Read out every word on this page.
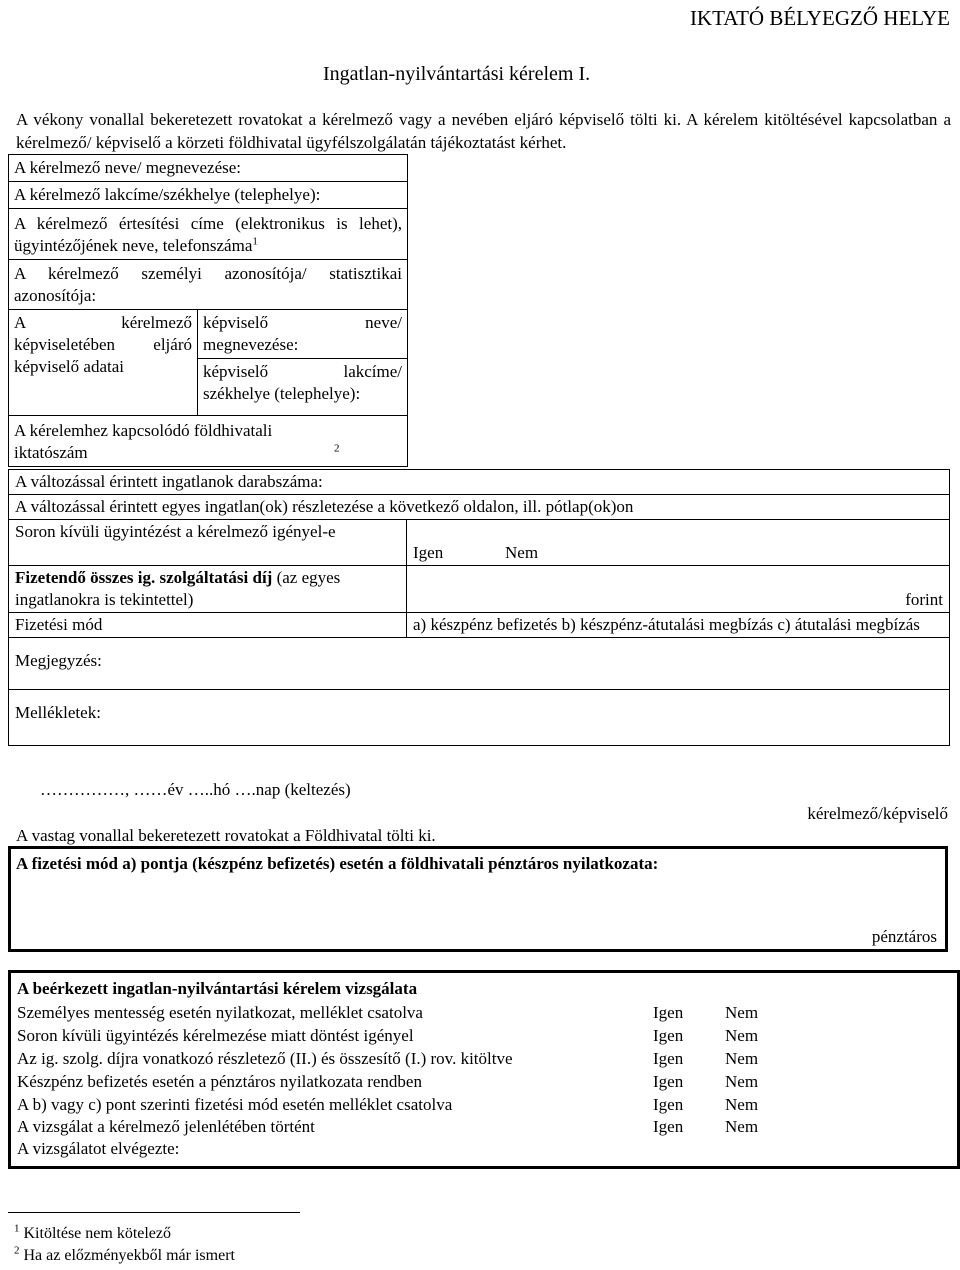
IKTATÓ BÉLYEGZŐ HELYE
Ingatlan-nyilvántartási kérelem I.
A vékony vonallal bekeretezett rovatokat a kérelmező vagy a nevében eljáró képviselő tölti ki. A kérelem kitöltésével kapcsolatban a kérelmező/ képviselő a körzeti földhivatal ügyfélszolgálatán tájékoztatást kérhet.
A kérelmező neve/ megnevezése:
A kérelmező lakcíme/székhelye (telephelye):
A kérelmező értesítési címe (elektronikus is lehet), ügyintézőjének neve, telefonszáma$^1$
A kérelmező személyi azonosítója/ statisztikai azonosítója:

A kérelmező képviseletében eljáró képviselő adatai	képviselő neve/ megnevezése:
képviselő lakcíme/ székhelye (telephelye):

A kérelemhez kapcsolódó földhivatali iktatószám	$^2$
A változással érintett ingatlanok darabszáma:	
A változással érintett egyes ingatlan(ok) részletezése a következő oldalon, ill. pótlap(ok)on	
Soron kívüli ügyintézést a kérelmező igényel-e	Igen Nem
Fizetendő összes ig. szolgáltatási díj (az egyes ingatlanokra is tekintettel)	forint
Fizetési mód	a) készpénz befizetés b) készpénz-átutalási megbízás c) átutalási megbízás
Megjegyzés:	
Mellékletek:	
……………, ……év …..hó ….nap (keltezés)
kérelmező/képviselő
A vastag vonallal bekeretezett rovatokat a Földhivatal tölti ki.
A fizetési mód a) pontja (készpénz befizetés) esetén a földhivatali pénztáros nyilatkozata:
pénztáros
A beérkezett ingatlan-nyilvántartási kérelem vizsgálata
Személyes mentesség esetén nyilatkozat, melléklet csatolva	Igen Nem
Soron kívüli ügyintézés kérelmezése miatt döntést igényel	Igen Nem
Az ig. szolg. díjra vonatkozó részletező (II.) és összesítő (I.) rov. kitöltve	Igen Nem
Készpénz befizetés esetén a pénztáros nyilatkozata rendben	Igen Nem
A b) vagy c) pont szerinti fizetési mód esetén melléklet csatolva	Igen Nem
A vizsgálat a kérelmező jelenlétében történt	Igen Nem
A vizsgálatot elvégezte:
$^1$ Kitöltése nem kötelező
$^2$ Ha az előzményekből már ismert
